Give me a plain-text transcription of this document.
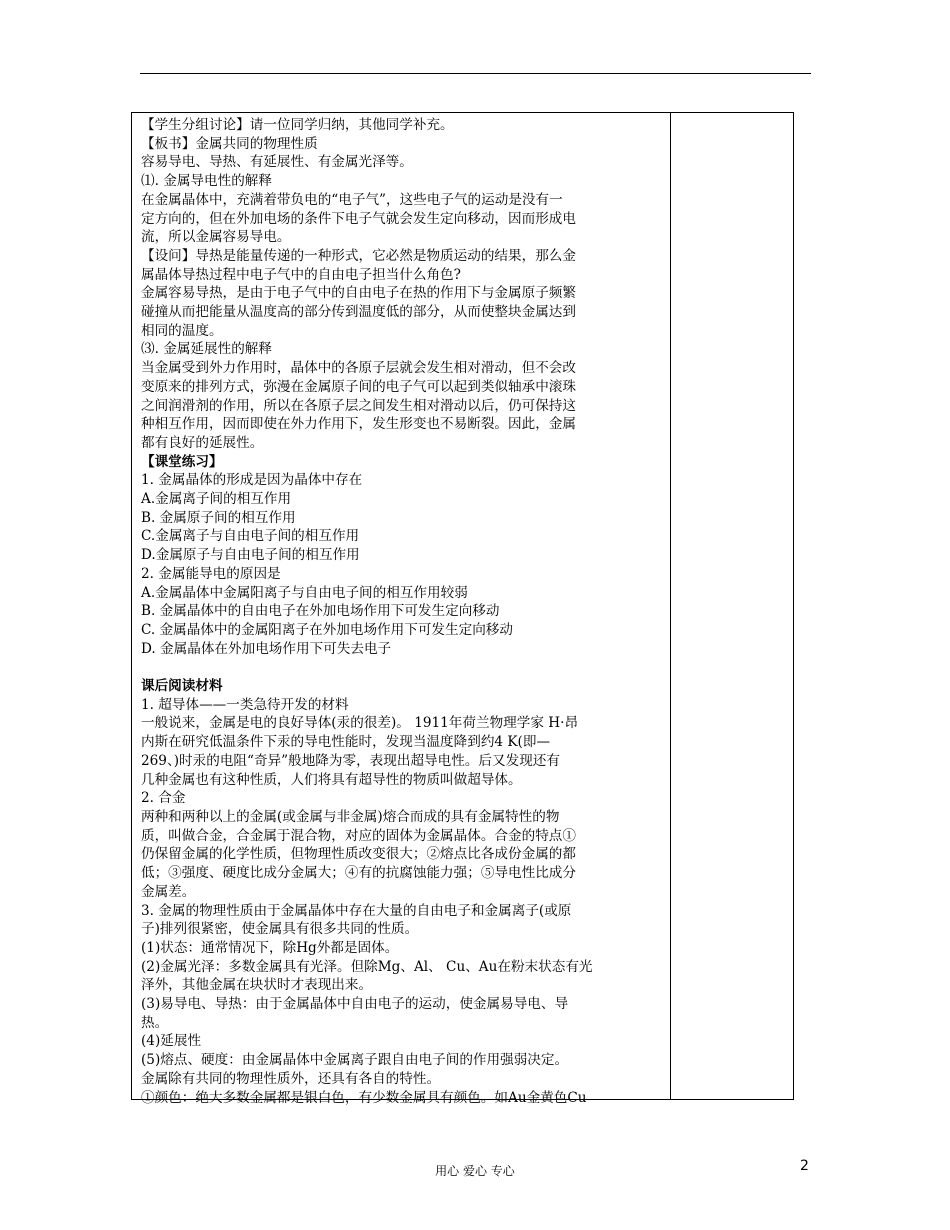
【学生分组讨论】请一位同学归纳，其他同学补充。

【板书】金属共同的物理性质

容易导电、导热、有延展性、有金属光泽等。

⑴. 金属导电性的解释

在金属晶体中，充满着带负电的“电子气”，这些电子气的运动是没有一

定方向的，但在外加电场的条件下电子气就会发生定向移动，因而形成电

流，所以金属容易导电。

【设问】导热是能量传递的一种形式，它必然是物质运动的结果，那么金

属晶体导热过程中电子气中的自由电子担当什么角色?

金属容易导热，是由于电子气中的自由电子在热的作用下与金属原子频繁

碰撞从而把能量从温度高的部分传到温度低的部分，从而使整块金属达到

相同的温度。

⑶. 金属延展性的解释

当金属受到外力作用时，晶体中的各原子层就会发生相对滑动，但不会改

变原来的排列方式，弥漫在金属原子间的电子气可以起到类似轴承中滚珠

之间润滑剂的作用，所以在各原子层之间发生相对滑动以后，仍可保持这

种相互作用，因而即使在外力作用下，发生形变也不易断裂。因此，金属

都有良好的延展性。

【课堂练习】

1. 金属晶体的形成是因为晶体中存在

A.金属离子间的相互作用

B. 金属原子间的相互作用

C.金属离子与自由电子间的相互作用

D.金属原子与自由电子间的相互作用

2. 金属能导电的原因是

A.金属晶体中金属阳离子与自由电子间的相互作用较弱

B. 金属晶体中的自由电子在外加电场作用下可发生定向移动

C. 金属晶体中的金属阳离子在外加电场作用下可发生定向移动

D. 金属晶体在外加电场作用下可失去电子

课后阅读材料

1. 超导体——一类急待开发的材料

一般说来，金属是电的良好导体(汞的很差)。 1911年荷兰物理学家 H·昂

内斯在研究低温条件下汞的导电性能时，发现当温度降到约4 K(即—

269、)时汞的电阻“奇异”般地降为零，表现出超导电性。后又发现还有

几种金属也有这种性质，人们将具有超导性的物质叫做超导体。

2. 合金

两种和两种以上的金属(或金属与非金属)熔合而成的具有金属特性的物

质，叫做合金，合金属于混合物，对应的固体为金属晶体。合金的特点①

仍保留金属的化学性质，但物理性质改变很大；②熔点比各成份金属的都

低；③强度、硬度比成分金属大；④有的抗腐蚀能力强；⑤导电性比成分

金属差。

3. 金属的物理性质由于金属晶体中存在大量的自由电子和金属离子(或原

子)排列很紧密，使金属具有很多共同的性质。

(1)状态：通常情况下，除Hg外都是固体。

(2)金属光泽：多数金属具有光泽。但除Mg、Al、 Cu、Au在粉末状态有光

泽外，其他金属在块状时才表现出来。

(3)易导电、导热：由于金属晶体中自由电子的运动，使金属易导电、导

热。

(4)延展性

(5)熔点、硬度：由金属晶体中金属离子跟自由电子间的作用强弱决定。

金属除有共同的物理性质外，还具有各自的特性。

①颜色：绝大多数金属都是银白色，有少数金属具有颜色。如Au金黄色Cu

用心 爱心 专心	2
